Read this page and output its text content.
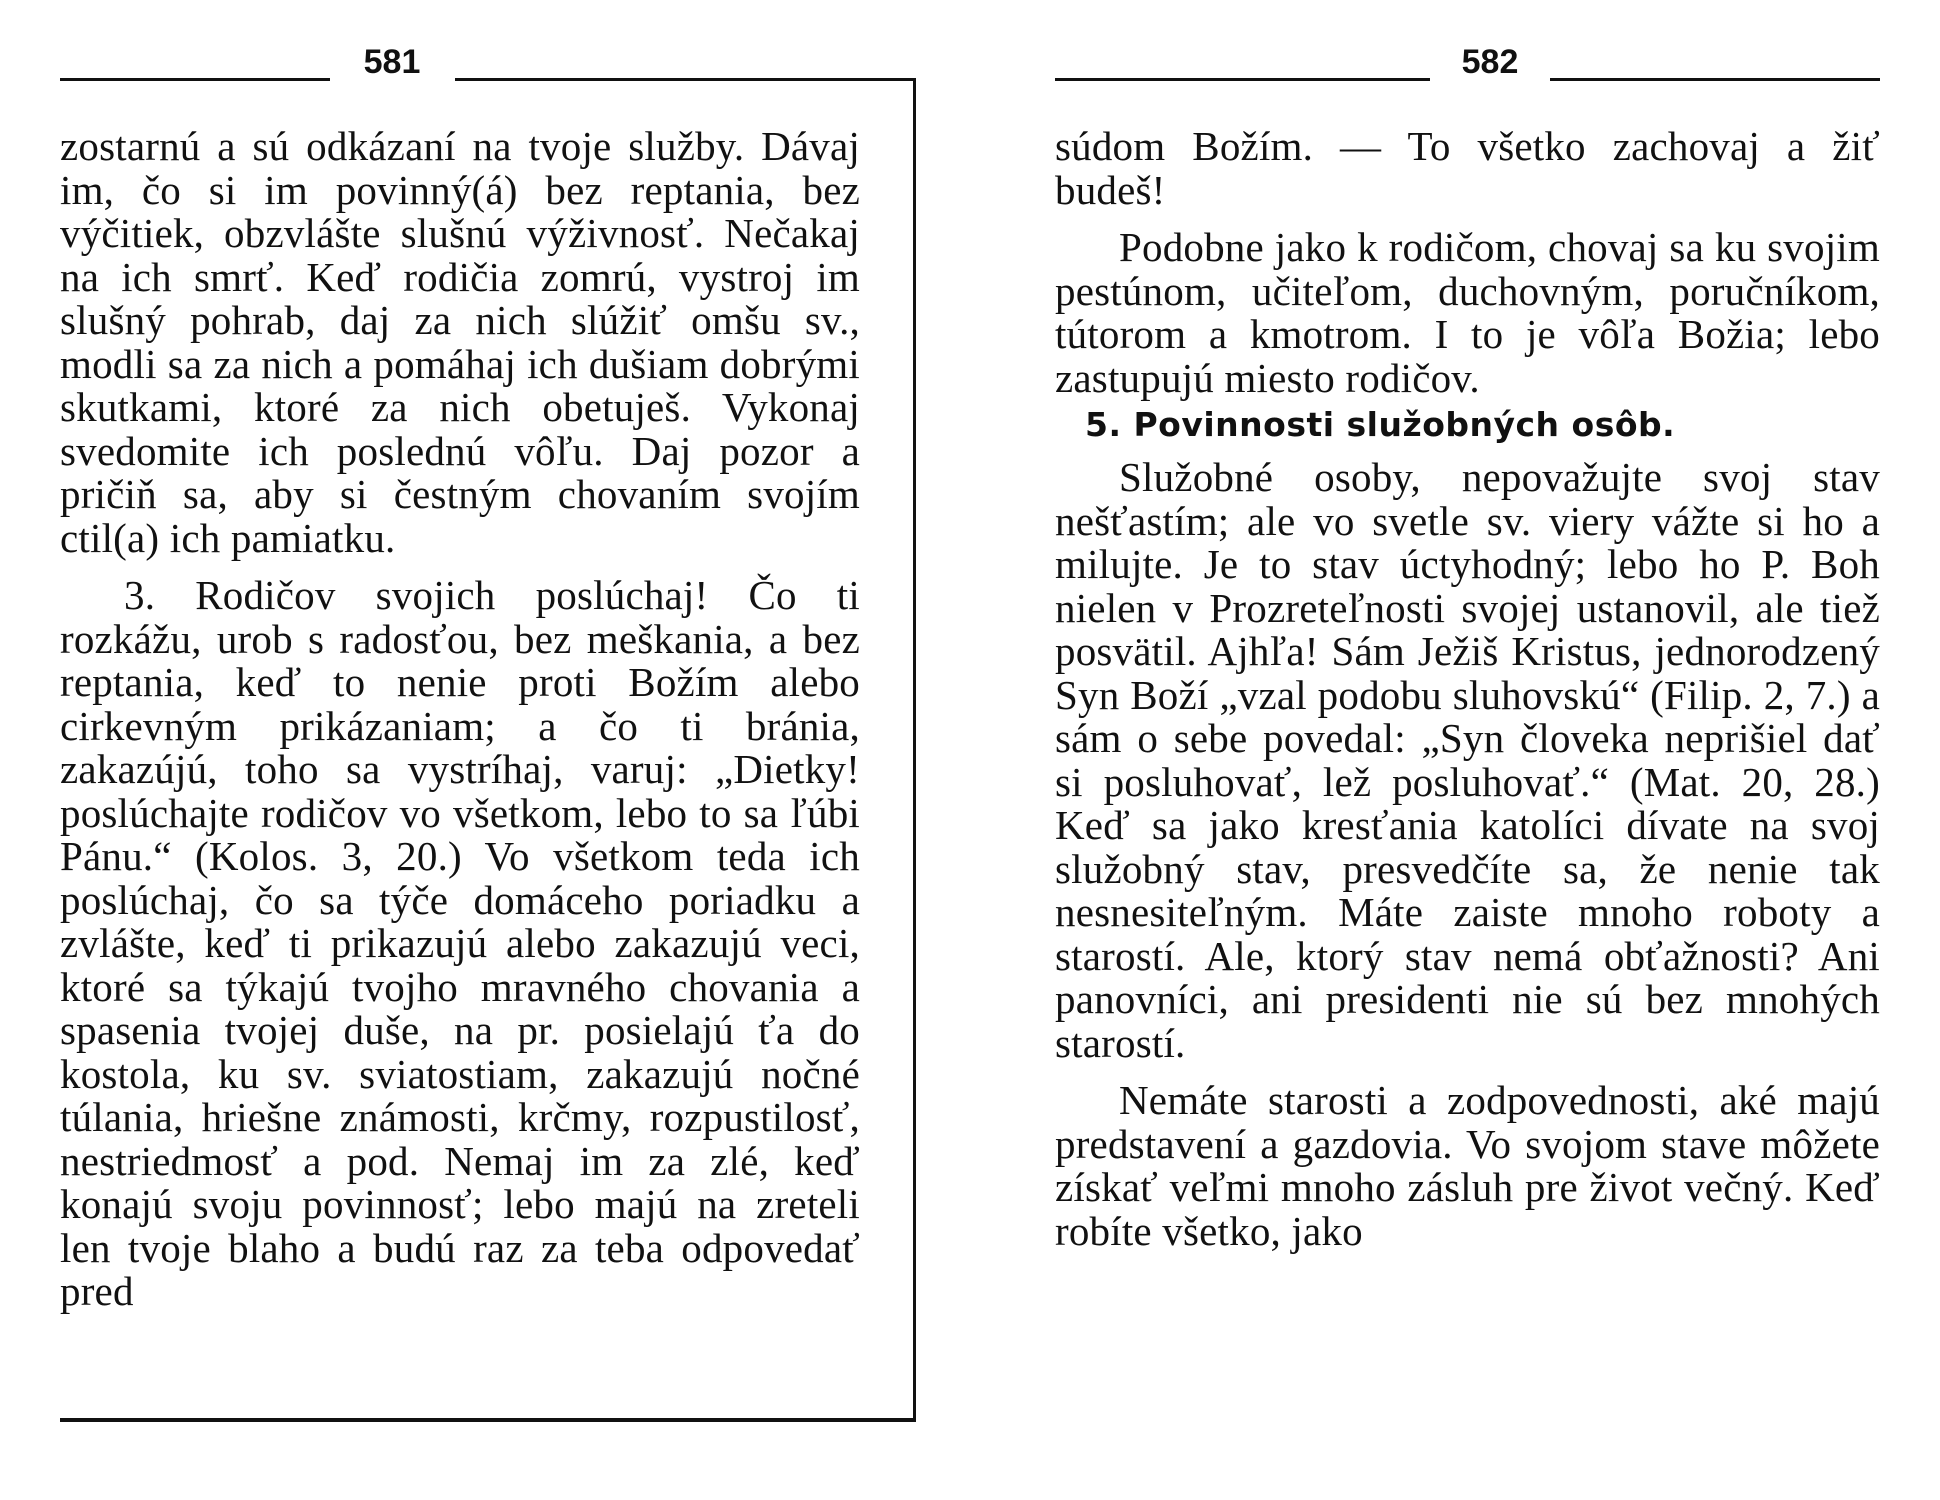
581

zostarnú a sú odkázaní na tvoje služby. Dávaj im, čo si im povinný(á) bez reptania, bez výčitiek, obzvlášte slušnú výživnosť. Nečakaj na ich smrť. Keď rodičia zomrú, vystroj im slušný pohrab, daj za nich slúžiť omšu sv., modli sa za nich a pomáhaj ich dušiam dobrými skutkami, ktoré za nich obetuješ. Vykonaj svedomite ich poslednú vôľu. Daj pozor a pričiň sa, aby si čestným chovaním svojím ctil(a) ich pamiatku.

3. Rodičov svojich poslúchaj! Čo ti rozkážu, urob s radosťou, bez meškania, a bez reptania, keď to nenie proti Božím alebo cirkevným prikázaniam; a čo ti bránia, zakazújú, toho sa vystríhaj, varuj: „Dietky! poslúchajte rodičov vo všetkom, lebo to sa ľúbi Pánu.“ (Kolos. 3, 20.) Vo všetkom teda ich poslúchaj, čo sa týče domáceho poriadku a zvlášte, keď ti prikazujú alebo zakazujú veci, ktoré sa týkajú tvojho mravného chovania a spasenia tvojej duše, na pr. posielajú ťa do kostola, ku sv. sviatostiam, zakazujú nočné túlania, hriešne známosti, krčmy, rozpustilosť, nestriedmosť a pod. Nemaj im za zlé, keď konajú svoju povinnosť; lebo majú na zreteli len tvoje blaho a budú raz za teba odpovedať pred

582

súdom Božím. — To všetko zachovaj a žiť budeš!

Podobne jako k rodičom, chovaj sa ku svojim pestúnom, učiteľom, duchovným, poručníkom, tútorom a kmotrom. I to je vôľa Božia; lebo zastupujú miesto rodičov.

5. Povinnosti služobných osôb.

Služobné osoby, nepovažujte svoj stav nešťastím; ale vo svetle sv. viery vážte si ho a milujte. Je to stav úctyhodný; lebo ho P. Boh nielen v Prozreteľnosti svojej ustanovil, ale tiež posvätil. Ajhľa! Sám Ježiš Kristus, jednorodzený Syn Boží „vzal podobu sluhovskú“ (Filip. 2, 7.) a sám o sebe povedal: „Syn človeka neprišiel dať si posluhovať, lež posluhovať.“ (Mat. 20, 28.) Keď sa jako kresťania katolíci dívate na svoj služobný stav, presvedčíte sa, že nenie tak nesnesiteľným. Máte zaiste mnoho roboty a starostí. Ale, ktorý stav nemá obťažnosti? Ani panovníci, ani presidenti nie sú bez mnohých starostí.

Nemáte starosti a zodpovednosti, aké majú predstavení a gazdovia. Vo svojom stave môžete získať veľmi mnoho zásluh pre život večný. Keď robíte všetko, jako
